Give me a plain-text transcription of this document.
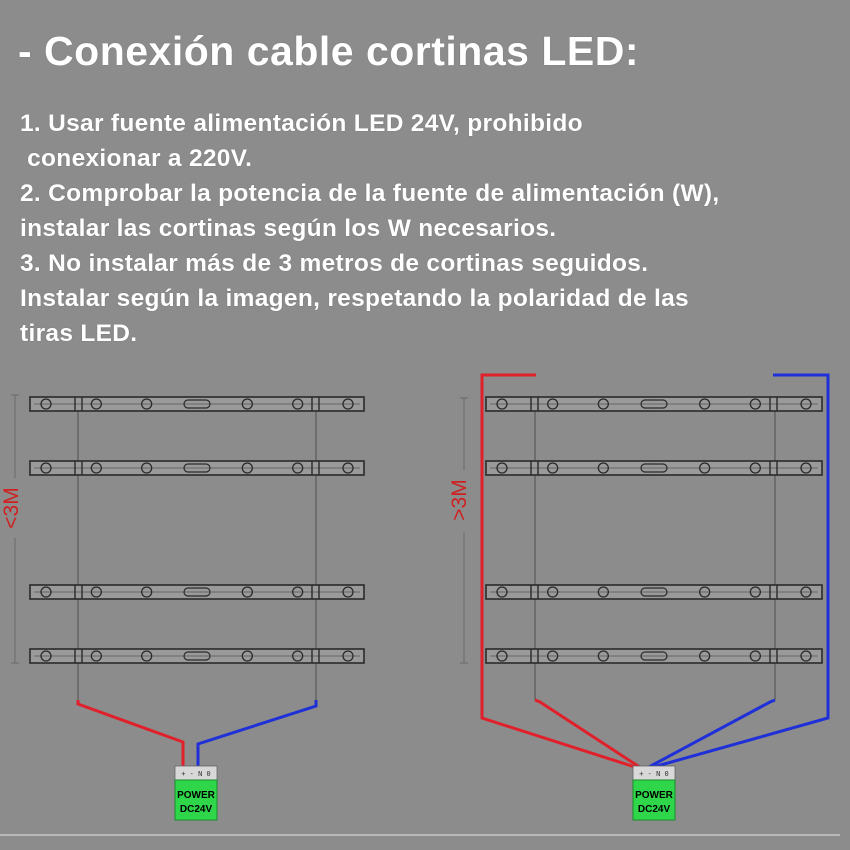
- Conexión cable cortinas LED:
1. Usar fuente alimentación LED 24V, prohibido
conexionar a 220V.
2. Comprobar la potencia de la fuente de alimentación (W),
instalar las cortinas según los W necesarios.
3. No instalar más de 3 metros de cortinas seguidos.
Instalar según la imagen, respetando la polaridad de las
tiras LED.
<3M
+ - N 0
POWER
DC24V
>3M
+ - N 0
POWER
DC24V
